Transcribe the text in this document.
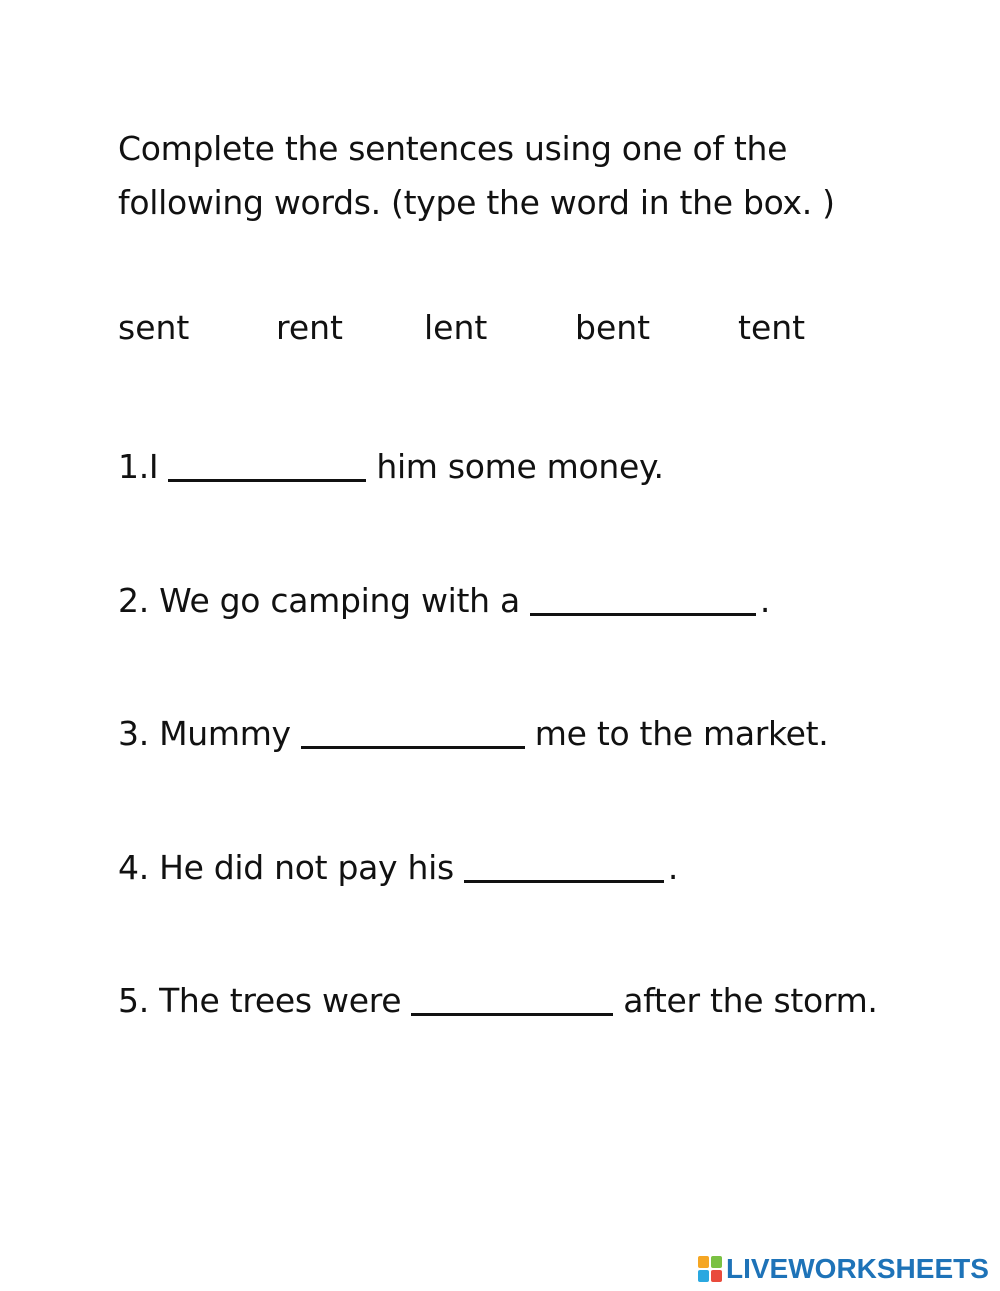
Complete the sentences using one of the
following words. (type the word in the box. )
sent	rent lent	bent	tent
1.I	him some money.
2. We go camping with a	.
3. Mummy	me to the market.
4. He did not pay his	.
5. The trees were	after the storm.
LIVEWORKSHEETS
